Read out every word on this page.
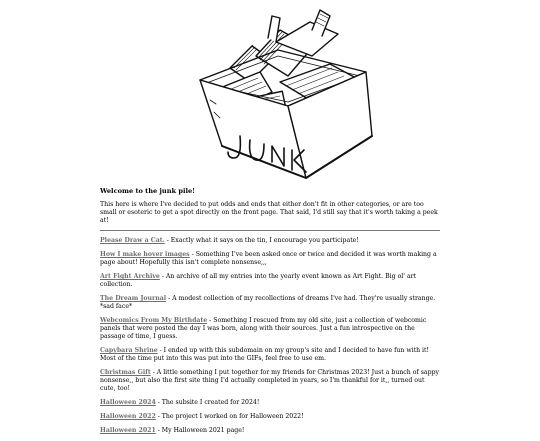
Welcome to the junk pile!

This here is where I've decided to put odds and ends that either don't fit in other categories, or are too small or esoteric to get a spot directly on the front page. That said, I'd still say that it's worth taking a peek at!

Please Draw a Cat. - Exactly what it says on the tin, I encourage you participate!

How I make hover images - Something I've been asked once or twice and decided it was worth making a page about! Hopefully this isn't complete nonsense,,,

Art Fight Archive - An archive of all my entries into the yearly event known as Art Fight. Big ol' art collection.

The Dream Journal - A modest collection of my recollections of dreams I've had. They're usually strange. *sad face*

Webcomics From My Birthdate - Something I rescued from my old site, just a collection of webcomic panels that were posted the day I was born, along with their sources. Just a fun introspective on the passage of time, I guess.

Capybara Shrine - I ended up with this subdomain on my group's site and I decided to have fun with it! Most of the time put into this was put into the GIFs, feel free to use em.

Christmas Gift - A little something I put together for my friends for Christmas 2023! Just a bunch of sappy nonsense,, but also the first site thing I'd actually completed in years, so I'm thankful for it,, turned out cute, too!

Halloween 2024 - The subsite I created for 2024!

Halloween 2022 - The project I worked on for Halloween 2022!

Halloween 2021 - My Halloween 2021 page!
